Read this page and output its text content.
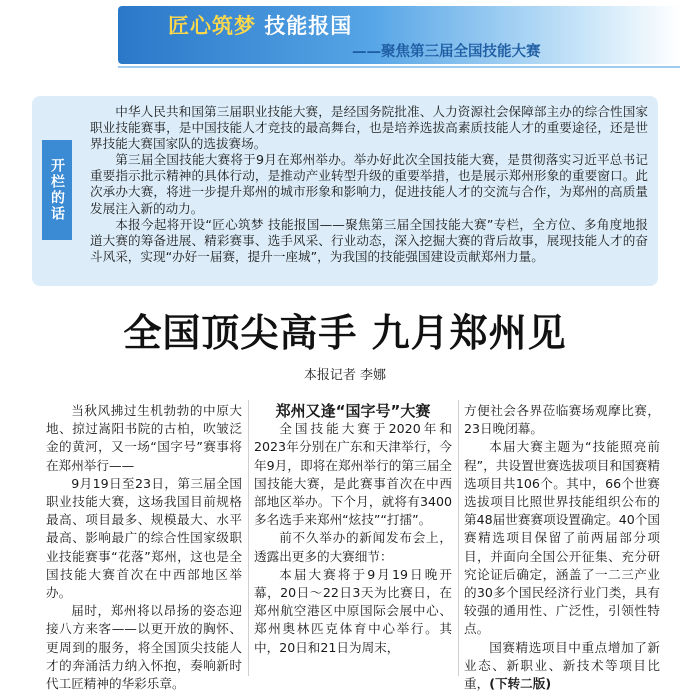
匠心筑梦 技能报国
——聚焦第三届全国技能大赛
开栏的话

中华人民共和国第三届职业技能大赛，是经国务院批准、人力资源社会保障部主办的综合性国家职业技能赛事，是中国技能人才竞技的最高舞台，也是培养选拔高素质技能人才的重要途径，还是世界技能大赛国家队的选拔赛场。

第三届全国技能大赛将于9月在郑州举办。举办好此次全国技能大赛，是贯彻落实习近平总书记重要指示批示精神的具体行动，是推动产业转型升级的重要举措，也是展示郑州形象的重要窗口。此次承办大赛，将进一步提升郑州的城市形象和影响力，促进技能人才的交流与合作，为郑州的高质量发展注入新的动力。

本报今起将开设“匠心筑梦 技能报国——聚焦第三届全国技能大赛”专栏，全方位、多角度地报道大赛的筹备进展、精彩赛事、选手风采、行业动态，深入挖掘大赛的背后故事，展现技能人才的奋斗风采，实现“办好一届赛，提升一座城”，为我国的技能强国建设贡献郑州力量。

全国顶尖高手 九月郑州见
本报记者 李娜

当秋风拂过生机勃勃的中原大地、掠过嵩阳书院的古柏，吹皱泛金的黄河，又一场“国字号”赛事将在郑州举行——

9月19日至23日，第三届全国职业技能大赛，这场我国目前规格最高、项目最多、规模最大、水平最高、影响最广的综合性国家级职业技能赛事“花落”郑州，这也是全国技能大赛首次在中西部地区举办。

届时，郑州将以昂扬的姿态迎接八方来客——以更开放的胸怀、更周到的服务，将全国顶尖技能人才的奔涌活力纳入怀抱，奏响新时代工匠精神的华彩乐章。

郑州又逢“国字号”大赛

全国技能大赛于2020年和2023年分别在广东和天津举行，今年9月，即将在郑州举行的第三届全国技能大赛，是此赛事首次在中西部地区举办。下个月，就将有3400多名选手来郑州“炫技”“打擂”。

前不久举办的新闻发布会上，透露出更多的大赛细节：

本届大赛将于9月19日晚开幕，20日～22日3天为比赛日，在郑州航空港区中原国际会展中心、郑州奥林匹克体育中心举行。其中，20日和21日为周末，

方便社会各界莅临赛场观摩比赛，23日晚闭幕。

本届大赛主题为“技能照亮前程”，共设置世赛选拔项目和国赛精选项目共106个。其中，66个世赛选拔项目比照世界技能组织公布的第48届世赛赛项设置确定。40个国赛精选项目保留了前两届部分项目，并面向全国公开征集、充分研究论证后确定，涵盖了一二三产业的30多个国民经济行业门类，具有较强的通用性、广泛性，引领性特点。

国赛精选项目中重点增加了新业态、新职业、新技术等项目比重，(下转二版)
